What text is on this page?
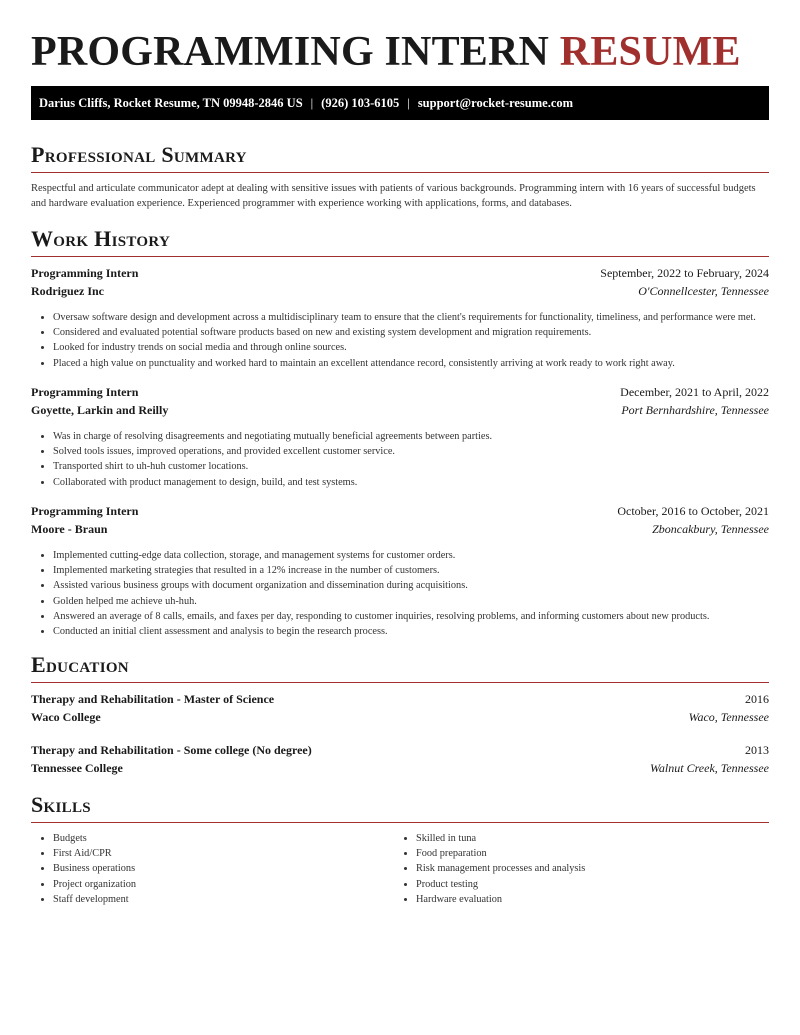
PROGRAMMING INTERN RESUME
Darius Cliffs, Rocket Resume, TN 09948-2846 US | (926) 103-6105 | support@rocket-resume.com
Professional Summary

Respectful and articulate communicator adept at dealing with sensitive issues with patients of various backgrounds. Programming intern with 16 years of successful budgets and hardware evaluation experience. Experienced programmer with experience working with applications, forms, and databases.

Work History
Programming Intern	September, 2022 to February, 2024
Rodriguez Inc	O'Connellcester, Tennessee
• Oversaw software design and development across a multidisciplinary team to ensure that the client's requirements for functionality, timeliness, and performance were met.
• Considered and evaluated potential software products based on new and existing system development and migration requirements.
• Looked for industry trends on social media and through online sources.
• Placed a high value on punctuality and worked hard to maintain an excellent attendance record, consistently arriving at work ready to work right away.
Programming Intern	December, 2021 to April, 2022
Goyette, Larkin and Reilly	Port Bernhardshire, Tennessee
• Was in charge of resolving disagreements and negotiating mutually beneficial agreements between parties.
• Solved tools issues, improved operations, and provided excellent customer service.
• Transported shirt to uh-huh customer locations.
• Collaborated with product management to design, build, and test systems.
Programming Intern	October, 2016 to October, 2021
Moore - Braun	Zboncakbury, Tennessee
• Implemented cutting-edge data collection, storage, and management systems for customer orders.
• Implemented marketing strategies that resulted in a 12% increase in the number of customers.
• Assisted various business groups with document organization and dissemination during acquisitions.
• Golden helped me achieve uh-huh.
• Answered an average of 8 calls, emails, and faxes per day, responding to customer inquiries, resolving problems, and informing customers about new products.
• Conducted an initial client assessment and analysis to begin the research process.
Education
Therapy and Rehabilitation - Master of Science	2016
Waco College	Waco, Tennessee
Therapy and Rehabilitation - Some college (No degree)	2013
Tennessee College	Walnut Creek, Tennessee
Skills
• Budgets
• First Aid/CPR
• Business operations
• Project organization
• Staff development
• Skilled in tuna
• Food preparation
• Risk management processes and analysis
• Product testing
• Hardware evaluation
